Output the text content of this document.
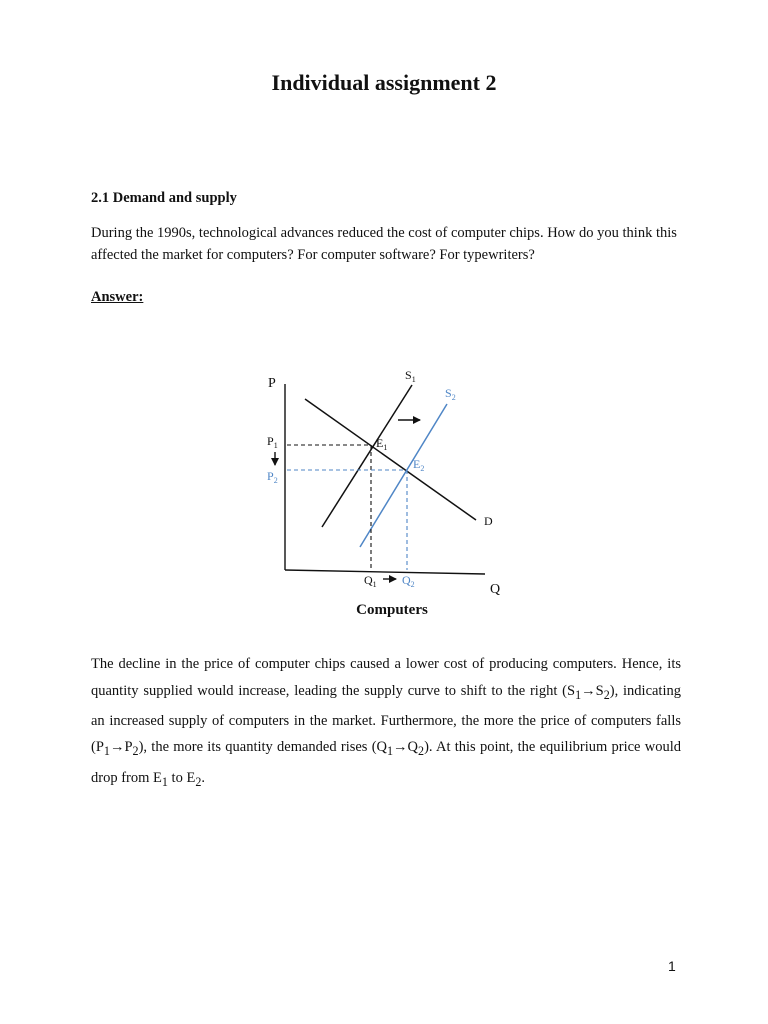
Individual assignment 2
2.1 Demand and supply

During the 1990s, technological advances reduced the cost of computer chips. How do you think this affected the market for computers? For computer software? For typewriters?

Answer:
P
Q
D
$S_1$
$S_2$
$E_1$
$E_2$
$P_1$
$P_2$
$Q_1$ $Q_2$
Computers

The decline in the price of computer chips caused a lower cost of producing computers. Hence, its quantity supplied would increase, leading the supply curve to shift to the right $(S_1\to S_2)$, indicating an increased supply of computers in the market. Furthermore, the more the price of computers falls $(P_1\to P_2)$, the more its quantity demanded rises $(Q_1\to Q_2)$. At this point, the equilibrium price would drop from $E_1$ to $E_2$.

1
